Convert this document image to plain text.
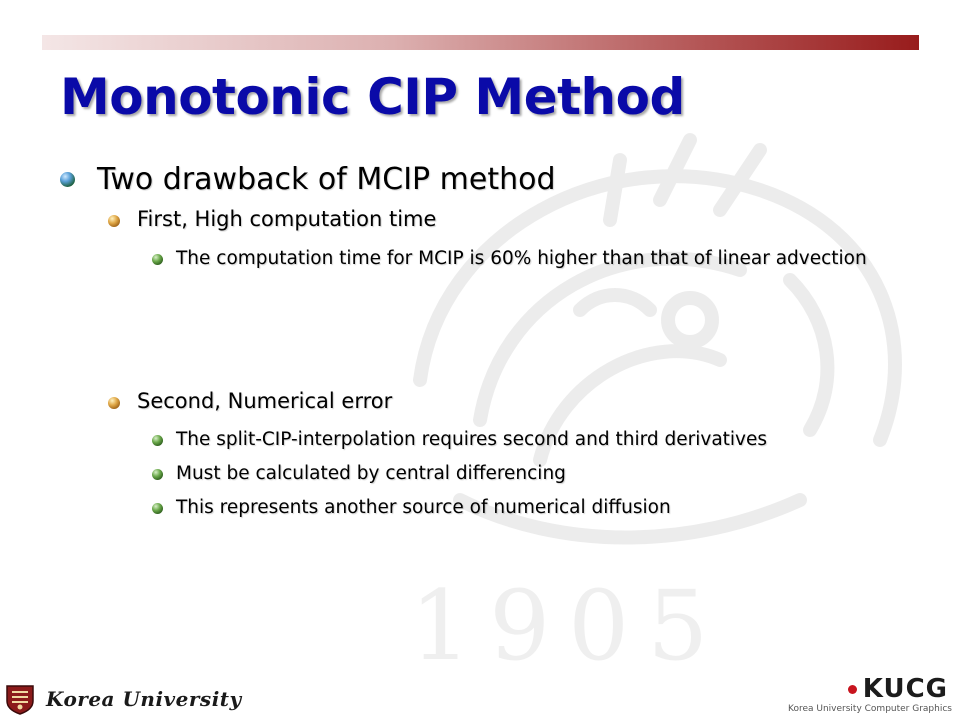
1905
Monotonic CIP Method
Two drawback of MCIP method
First, High computation time
The computation time for MCIP is 60% higher than that of linear advection
Second, Numerical error
The split-CIP-interpolation requires second and third derivatives
Must be calculated by central differencing
This represents another source of numerical diffusion
Korea University	KUCG
Korea University Computer Graphics
